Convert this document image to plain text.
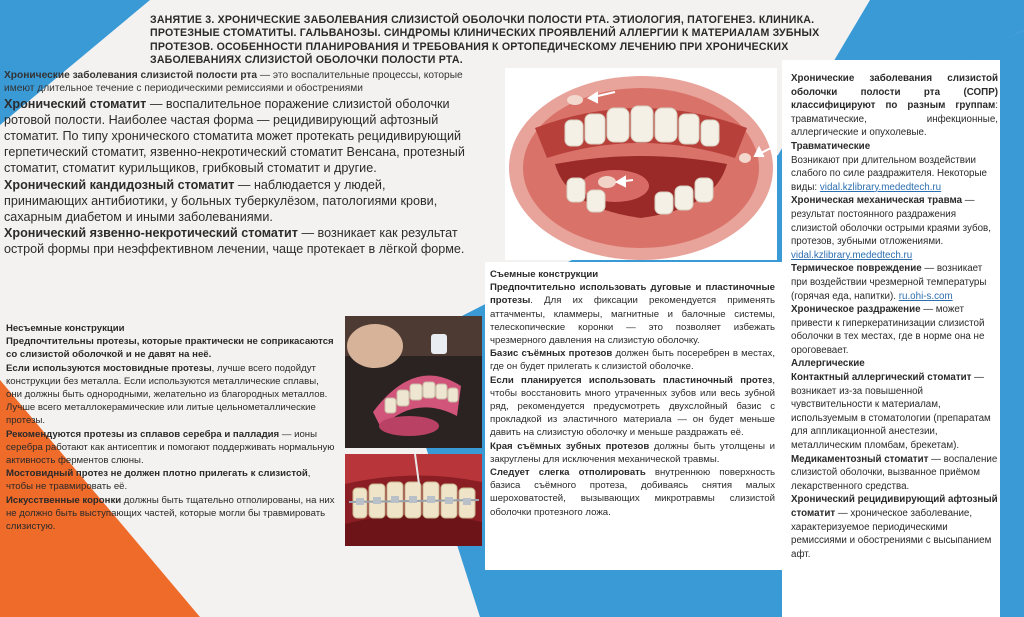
ЗАНЯТИЕ 3. ХРОНИЧЕСКИЕ ЗАБОЛЕВАНИЯ СЛИЗИСТОЙ ОБОЛОЧКИ ПОЛОСТИ РТА. ЭТИОЛОГИЯ, ПАТОГЕНЕЗ. КЛИНИКА. ПРОТЕЗНЫЕ СТОМАТИТЫ. ГАЛЬВАНОЗЫ. СИНДРОМЫ КЛИНИЧЕСКИХ ПРОЯВЛЕНИЙ АЛЛЕРГИИ К МАТЕРИАЛАМ ЗУБНЫХ ПРОТЕЗОВ. ОСОБЕННОСТИ ПЛАНИРОВАНИЯ И ТРЕБОВАНИЯ К ОРТОПЕДИЧЕСКОМУ ЛЕЧЕНИЮ ПРИ ХРОНИЧЕСКИХ ЗАБОЛЕВАНИЯХ СЛИЗИСТОЙ ОБОЛОЧКИ ПОЛОСТИ РТА.

Хронические заболевания слизистой полости рта — это воспалительные процессы, которые имеют длительное течение с периодическими ремиссиями и обострениями

Хронический стоматит — воспалительное поражение слизистой оболочки ротовой полости. Наиболее частая форма — рецидивирующий афтозный стоматит. По типу хронического стоматита может протекать рецидивирующий герпетический стоматит, язвенно-некротический стоматит Венсана, протезный стоматит, стоматит курильщиков, грибковый стоматит и другие.

Хронический кандидозный стоматит — наблюдается у людей, принимающих антибиотики, у больных туберкулёзом, патологиями крови, сахарным диабетом и иными заболеваниями.

Хронический язвенно-некротический стоматит — возникает как результат острой формы при неэффективном лечении, чаще протекает в лёгкой форме.

Несъемные конструкции

Предпочтительны протезы, которые практически не соприкасаются со слизистой оболочкой и не давят на неё.

Если используются мостовидные протезы, лучше всего подойдут конструкции без металла. Если используются металлические сплавы, они должны быть однородными, желательно из благородных металлов. Лучше всего металлокерамические или литые цельнометаллические протезы.

Рекомендуются протезы из сплавов серебра и палладия — ионы серебра работают как антисептик и помогают поддерживать нормальную активность ферментов слюны.

Мостовидный протез не должен плотно прилегать к слизистой, чтобы не травмировать её.

Искусственные коронки должны быть тщательно отполированы, на них не должно быть выступающих частей, которые могли бы травмировать слизистую.

Съемные конструкции

Предпочтительно использовать дуговые и пластиночные протезы. Для их фиксации рекомендуется применять аттачменты, кламмеры, магнитные и балочные системы, телескопические коронки — это позволяет избежать чрезмерного давления на слизистую оболочку.

Базис съёмных протезов должен быть посеребрен в местах, где он будет прилегать к слизистой оболочке.

Если планируется использовать пластиночный протез, чтобы восстановить много утраченных зубов или весь зубной ряд, рекомендуется предусмотреть двухслойный базис с прокладкой из эластичного материала — он будет меньше давить на слизистую оболочку и меньше раздражать её.

Края съёмных зубных протезов должны быть утолщены и закруглены для исключения механической травмы.

Следует слегка отполировать внутреннюю поверхность базиса съёмного протеза, добиваясь снятия малых шероховатостей, вызывающих микротравмы слизистой оболочки протезного ложа.

Хронические заболевания слизистой оболочки полости рта (СОПР) классифицируют по разным группам: травматические, инфекционные, аллергические и опухолевые.

Травматические

Возникают при длительном воздействии слабого по силе раздражителя. Некоторые виды: vidal.kzlibrary.mededtech.ru

Хроническая механическая травма — результат постоянного раздражения слизистой оболочки острыми краями зубов, протезов, зубными отложениями. vidal.kzlibrary.mededtech.ru

Термическое повреждение — возникает при воздействии чрезмерной температуры (горячая еда, напитки). ru.ohi-s.com

Хроническое раздражение — может привести к гиперкератинизации слизистой оболочки в тех местах, где в норме она не ороговевает.

Аллергические

Контактный аллергический стоматит — возникает из-за повышенной чувствительности к материалам, используемым в стоматологии (препаратам для аппликационной анестезии, металлическим пломбам, брекетам).

Медикаментозный стоматит — воспаление слизистой оболочки, вызванное приёмом лекарственного средства.

Хронический рецидивирующий афтозный стоматит — хроническое заболевание, характеризуемое периодическими ремиссиями и обострениями с высыпанием афт.
